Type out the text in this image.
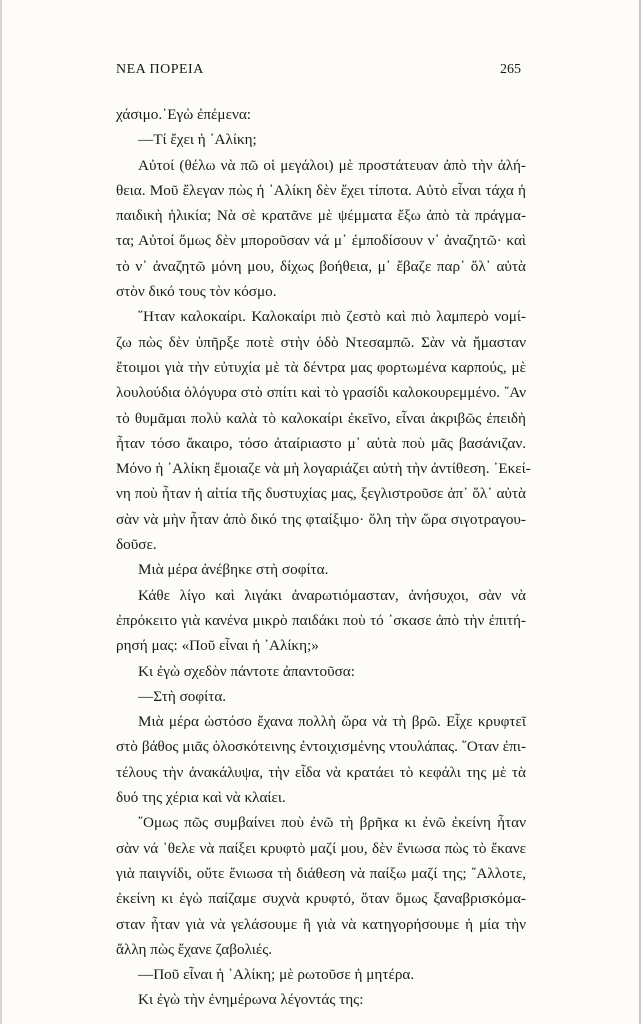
ΝΕΑ ΠΟΡΕΙΑ	265
χάσιμο.᾽Εγὼ ἐπέμενα:
—Τί ἔχει ἡ ᾽Αλίκη;
Αὐτοί (θέλω νὰ πῶ οἱ μεγάλοι) μὲ προστάτευαν ἀπὸ τὴν ἀλή-
θεια. Μοῦ ἔλεγαν πὼς ἡ ᾽Αλίκη δὲν ἔχει τίποτα. Αὐτὸ εἶναι τάχα ἡ
παιδικὴ ἡλικία; Νὰ σὲ κρατᾶνε μὲ ψέμματα ἔξω ἀπὸ τὰ πράγμα-
τα; Αὐτοί ὅμως δὲν μποροῦσαν νά μ᾽ ἐμποδίσουν ν᾽ ἀναζητῶ· καὶ
τὸ ν᾽ ἀναζητῶ μόνη μου, δίχως βοήθεια, μ᾽ ἔβαζε παρ᾽ ὅλ᾽ αὐτὰ
στὸν δικό τους τὸν κόσμο.
῞Ηταν καλοκαίρι. Καλοκαίρι πιὸ ζεστὸ καὶ πιὸ λαμπερὸ νομί-
ζω πὼς δὲν ὑπῆρξε ποτὲ στὴν ὁδὸ Ντεσαμπῶ. Σὰν νὰ ἤμασταν
ἕτοιμοι γιὰ τὴν εὐτυχία μὲ τὰ δέντρα μας φορτωμένα καρπούς, μὲ
λουλούδια ὁλόγυρα στὸ σπίτι καὶ τὸ γρασίδι καλοκουρεμμένο. ῎Αν
τὸ θυμᾶμαι πολὺ καλὰ τὸ καλοκαίρι ἐκεῖνο, εἶναι ἀκριβῶς ἐπειδὴ
ἦταν τόσο ἄκαιρο, τόσο ἀταίριαστο μ᾽ αὐτὰ ποὺ μᾶς βασάνιζαν.
Μόνο ἡ ᾽Αλίκη ἔμοιαζε νὰ μὴ λογαριάζει αὐτὴ τὴν ἀντίθεση. ᾽Εκεί-
νη ποὺ ἦταν ἡ αἰτία τῆς δυστυχίας μας, ξεγλιστροῦσε ἀπ᾽ ὅλ᾽ αὐτὰ
σὰν νὰ μὴν ἦταν ἀπὸ δικό της φταίξιμο· ὅλη τὴν ὥρα σιγοτραγου-
δοῦσε.
Μιὰ μέρα ἀνέβηκε στὴ σοφίτα.
Κάθε λίγο καὶ λιγάκι ἀναρωτιόμασταν, ἀνήσυχοι, σὰν νὰ
ἐπρόκειτο γιὰ κανένα μικρὸ παιδάκι ποὺ τό ᾽σκασε ἀπὸ τὴν ἐπιτή-
ρησή μας: «Ποῦ εἶναι ἡ ᾽Αλίκη;»
Κι ἐγὼ σχεδὸν πάντοτε ἀπαντοῦσα:
—Στὴ σοφίτα.
Μιὰ μέρα ὡστόσο ἔχανα πολλὴ ὥρα νὰ τὴ βρῶ. Εἶχε κρυφτεῖ
στὸ βάθος μιᾶς ὁλοσκότεινης ἐντοιχισμένης ντουλάπας. ῞Οταν ἐπι-
τέλους τὴν ἀνακάλυψα, τὴν εἶδα νὰ κρατάει τὸ κεφάλι της μὲ τὰ
δυό της χέρια καὶ νὰ κλαίει.
῎Ομως πῶς συμβαίνει ποὺ ἐνῶ τὴ βρῆκα κι ἐνῶ ἐκείνη ἦταν
σὰν νά ᾽θελε νὰ παίξει κρυφτὸ μαζί μου, δὲν ἔνιωσα πὼς τὸ ἔκανε
γιὰ παιγνίδι, οὔτε ἔνιωσα τὴ διάθεση νὰ παίξω μαζί της; ῎Αλλοτε,
ἐκείνη κι ἐγὼ παίζαμε συχνὰ κρυφτό, ὅταν ὅμως ξαναβρισκόμα-
σταν ἦταν γιὰ νὰ γελάσουμε ἢ γιὰ νὰ κατηγορήσουμε ἡ μία τὴν
ἄλλη πὼς ἔχανε ζαβολιές.
—Ποῦ εἶναι ἡ ᾽Αλίκη; μὲ ρωτοῦσε ἡ μητέρα.
Κι ἐγὼ τὴν ἐνημέρωνα λέγοντάς της:
